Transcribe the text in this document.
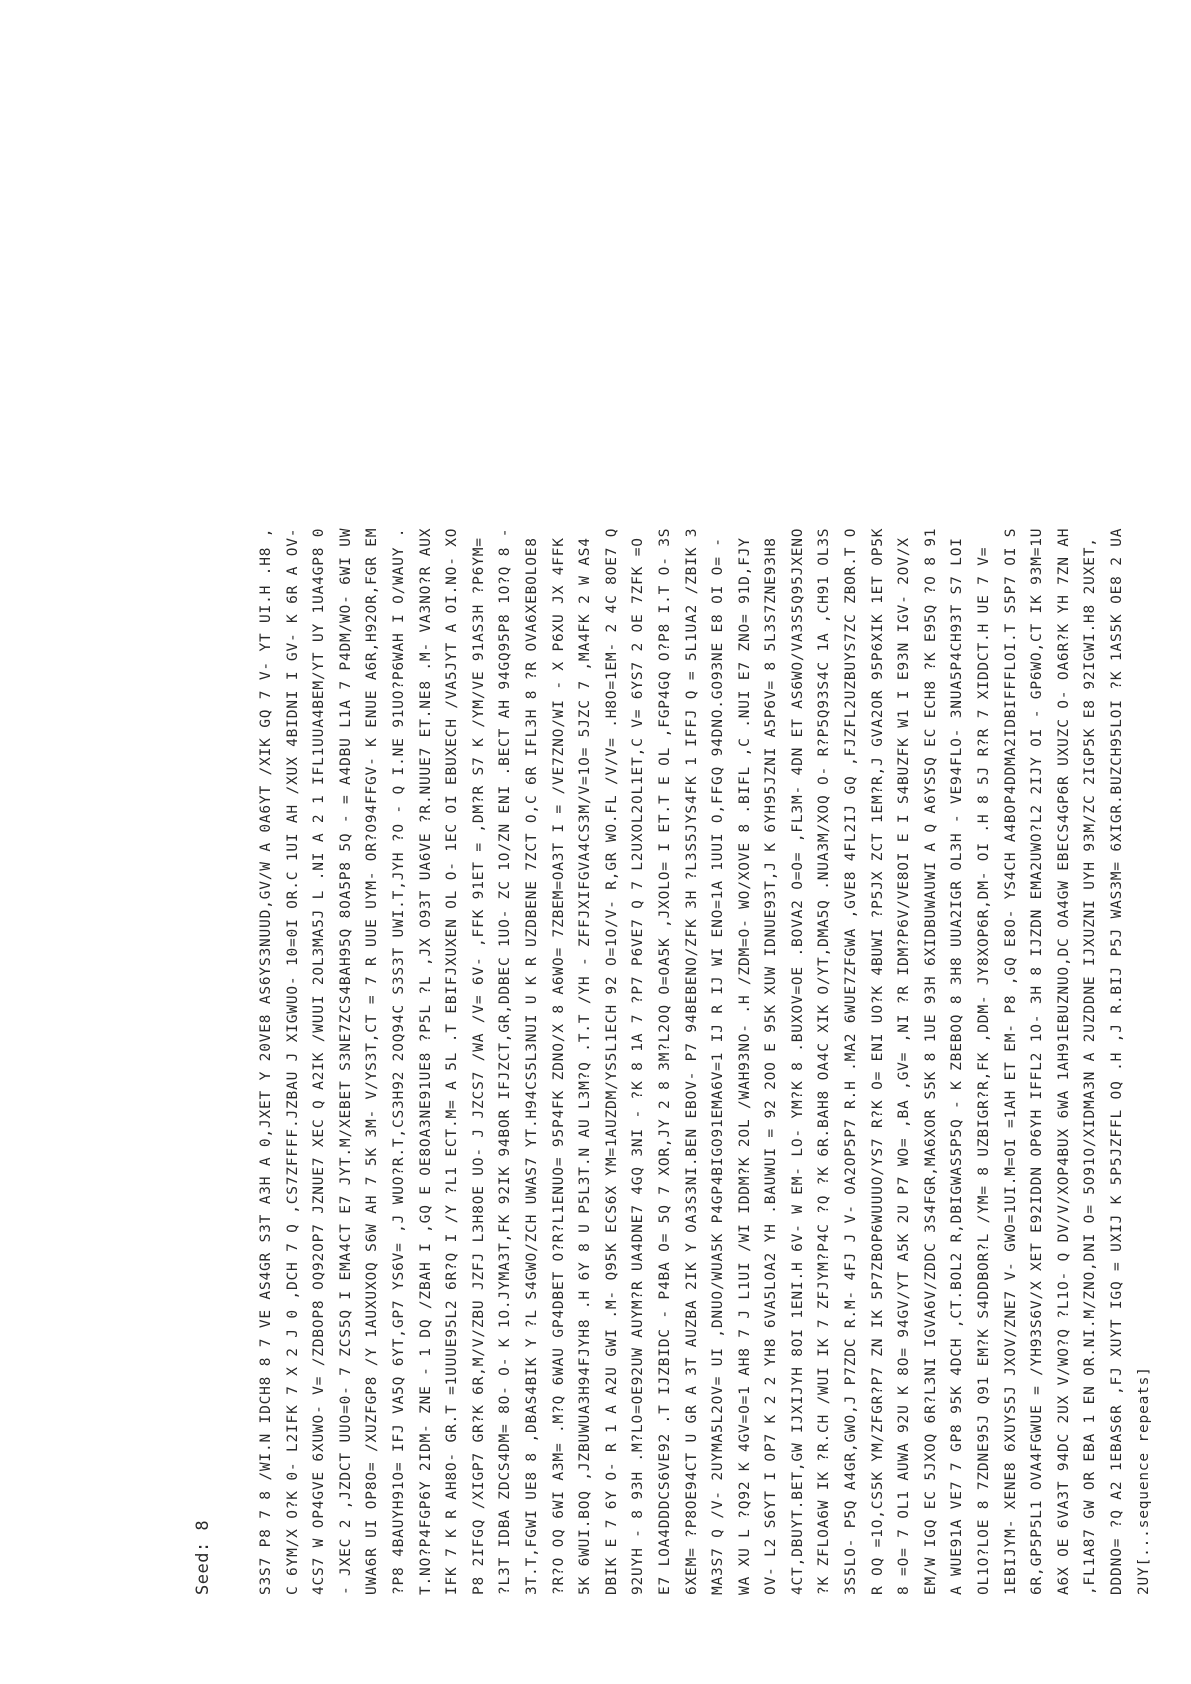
Seed: 8	S3S7 P8 7 8 /WI.N IDCH8 8 7 VE AS4GR S3T A3H A 0,JXET Y 20VE8 AS6YS3NUUD,GV/W A 0A6YT /XIK GQ 7 V- YT UI.H .H8 , C 6YM/X O?K 0- L2IFK 7 X 2 J 0 ,DCH 7 Q ,CS7ZFFFF.JZBAU J XIGWUO- 10=0I OR.C 1UI AH /XUX 4BIDNI I GV- K 6R A OV- 4CS7 W OP4GVE 6XUWO- V= /ZDBOP8 OQ92OP7 JZNUE7 XEC Q A2IK /WUUI 2OL3MA5J L .NI A 2 1 IFL1UUA4BEM/YT UY 1UA4GP8 0 - JXEC 2 ,JZDCT UUO=0- 7 ZCS5Q I EMA4CT E7 JYT.M/XEBET S3NE7ZCS4BAH95Q 8OA5P8 5Q - = A4DBU L1A 7 P4DM/WO- 6WI UW UWA6R UI OP8O= /XUZFGP8 /Y 1AUXUXOQ S6W AH 7 5K 3M- V/YS3T,CT = 7 R UUE UYM- OR?O94FFGV- K ENUE A6R,H92OR,FGR EM ?P8 4BAUYH91O= IFJ VA5Q 6YT,GP7 YS6V= ,J WUO?R.T,CS3H92 2OQ94C S3S3T UWI.T,JYH ?O - Q I.NE 91UO?P6WAH I O/WAUY . T.NO?P4FGP6Y 2IDM- ZNE - 1 DQ /ZBAH I ,GQ E OE8OA3NE91UE8 ?P5L ?L ,JX O93T UA6VE ?R.NUUE7 ET.NE8 .M- VA3NO?R AUX IFK 7 K R AH8O- GR.T =1UUUE95L2 6R?Q I /Y ?L1 ECT.M= A 5L .T EBIFJXUXEN OL O- 1EC OI EBUXECH /VA5JYT A OI.NO- XO P8 2IFGQ /XIGP7 GR?K 6R,M/V/ZBU JZFJ L3H8OE UO- J JZCS7 /WA /V= 6V- ,FFK 91ET = ,DM?R S7 K /YM/VE 91AS3H ?P6YM= ?L3T IDBA ZDCS4DM= 8O- O- K 1O.JYMA3T,FK 92IK 94BOR IFJZCT,GR,DDBEC 1UO- ZC 1O/ZN ENI .BECT AH 94GQ95P8 1O?Q 8 - 3T.T,FGWI UE8 8 ,DBAS4BIK Y ?L S4GWO/ZCH UWAS7 YT.H94CS5L3NUI U K R UZDBENE 7ZCT O,C 6R IFL3H 8 ?R OVA6XEBOLOE8 ?R?O OQ 6WI A3M= .M?Q 6WAU GP4DBET O?R?L1ENUO= 95P4FK ZDNO/X 8 A6WO= 7ZBEM=OA3T I = /VE7ZNO/WI - X P6XU JX 4FFK 5K 6WUI.BOQ ,JZBUWUA3H94FJYH8 .H 6Y 8 U P5L3T.N AU L3M?Q .T.T /YH - ZFFJXIFGVA4CS3M/V=1O= 5JZC 7 ,MA4FK 2 W AS4 DBIK E 7 6Y O- R 1 A A2U GWI .M- Q95K ECS6X YM=1AUZDM/YS5L1ECH 92 O=1O/V- R,GR WO.FL /V/V= .H8O=1EM- 2 4C 8OE7 Q 92UYH - 8 93H .M?LO=OE92UW AUYM?R UA4DNE7 4GQ 3NI - ?K 8 1A 7 ?P7 P6VE7 Q 7 L2UXOL2OL1ET,C V= 6YS7 2 OE 7ZFK =O E7 LOA4DDDCS6VE92 .T IJZBIDC - P4BA O= 5Q 7 XOR,JY 2 8 3M?L2OQ O=OA5K ,JXOLO= I ET.T E OL ,FGP4GQ O?P8 I.T O- 3S 6XEM= ?P8OE94CT U GR A 3T AUZBA 2IK Y OA3S3NI.BEN EBOV- P7 94BEBENO/ZFK 3H ?L3S5JYS4FK 1 IFFJ Q = 5L1UA2 /ZBIK 3 MA3S7 Q /V- 2UYMA5L2OV= UI ,DNUO/WUA5K P4GP4BIGO91EMA6V=1 IJ R IJ WI ENO=1A 1UUI O,FFGQ 94DNO.GO93NE E8 OI O= - WA XU L ?Q92 K 4GV=O=1 AH8 7 J L1UI /WI IDDM?K 2OL /WAH93NO- .H /ZDM=O- WO/XOVE 8 .BIFL ,C .NUI E7 ZNO= 91D,FJY OV- L2 S6YT I OP7 K 2 2 YH8 6VA5LOA2 YH .BAUWUI = 92 2OO E 95K XUW IDNUE93T,J K 6YH95JZNI A5P6V= 8 5L3S7ZNE93H8 4CT,DBUYT.BET,GW IJXIJYH 8OI 1ENI.H 6V- W EM- LO- YM?K 8 .BUXOV=OE .BOVA2 O=O= ,FL3M- 4DN ET AS6WO/VA3S5Q95JXENO ?K ZFLOA6W IK ?R.CH /WUI IK 7 ZFJYM?P4C ?Q ?K 6R.BAH8 OA4C XIK O/YT,DMA5Q .NUA3M/XOQ O- R?P5Q93S4C 1A ,CH91 OL3S 3S5LO- P5Q A4GR,GWO,J P7ZDC R.M- 4FJ J V- OA2OP5P7 R.H .MA2 6WUE7ZFGWA ,GVE8 4FL2IJ GQ ,FJZFL2UZBUYS7ZC ZBOR.T O R OQ =1O,CS5K YM/ZFGR?P7 ZN IK 5P7ZBOP6WUUUO/YS7 R?K O= ENI UO?K 4BUWI ?P5JX ZCT 1EM?R,J GVA2OR 95P6XIK 1ET OP5K 8 =O= 7 OL1 AUWA 92U K 8O= 94GV/YT A5K 2U P7 WO= ,BA ,GV= ,NI ?R IDM?P6V/VE8OI E I S4BUZFK W1 I E93N IGV- 2OV/X EM/W IGQ EC 5JXOQ 6R?L3NI IGVA6V/ZDDC 3S4FGR,MA6XOR S5K 8 1UE 93H 6XIDBUWAUWI A Q A6YS5Q EC ECH8 ?K E95Q ?O 8 91 A WUE91A VE7 7 GP8 95K 4DCH ,CT.BOL2 R,DBIGWAS5P5Q - K ZBEBOQ 8 3H8 UUA2IGR OL3H - VE94FLO- 3NUA5P4CH93T S7 LOI OL1O?LOE 8 7ZDNE95J Q91 EM?K S4DDBOR?L /YM= 8 UZBIGR?R,FK ,DDM- JY8XOP6R,DM- OI .H 8 5J R?R 7 XIDDCT.H UE 7 V= 1EBIJYM- XENE8 6XUYS5J JXOV/ZNE7 V- GWO=1UI.M=OI =1AH ET EM- P8 ,GQ E8O- YS4CH A4BOP4DDMA2IDBIFFFLOI.T S5P7 OI S 6R,GP5P5L1 OVA4FGWUE = /YH93S6V/X XET E92IDDN OP6YH IFFL2 1O- 3H 8 IJZDN EMA2UWO?L2 2IJY OI - GP6WO,CT IK 93M=1U A6X OE 6VA3T 94DC 2UX V/WO?Q ?L1O- Q DV/V/XOP4BUX 6WA 1AH91EBUZNUO,DC OA4GW EBECS4GP6R UXUZC O- OA6R?K YH 7ZN AH ,FL1A87 GW OR EBA 1 EN OR.NI.M/ZNO,DNI O= 5O91O/XIDMA3N A 2UZDDNE IJXUZNI UYH 93M/ZC 2IGP5K E8 92IGWI.H8 2UXET, DDDNO= ?Q A2 1EBAS6R ,FJ XUYT IGQ = UXIJ K 5P5JZFFL OQ .H ,J R.BIJ P5J WAS3M= 6XIGR.BUZCH95LOI ?K 1AS5K OE8 2 UA 2UY[...sequence repeats]
